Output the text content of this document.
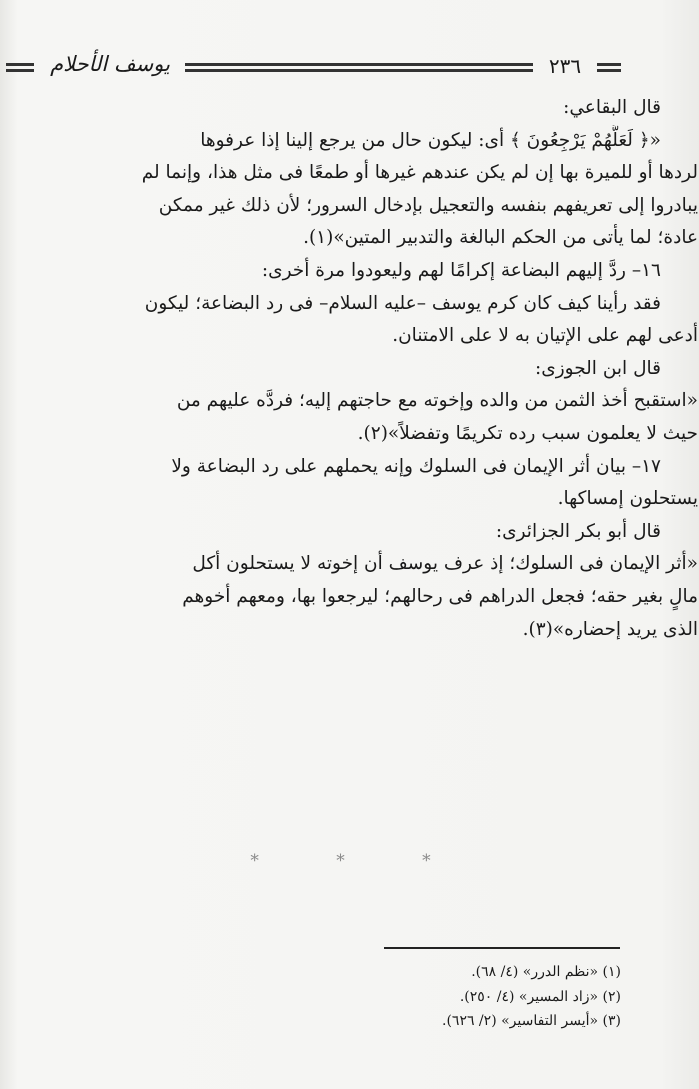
٢٣٦
يوسف الأحلام
قال البقاعي:
«﴿ لَعَلَّهُمْ يَرْجِعُونَ ﴾ أى: ليكون حال من يرجع إلينا إذا عرفوها
لردها أو للميرة بها إن لم يكن عندهم غيرها أو طمعًا فى مثل هذا، وإنما لم
يبادروا إلى تعريفهم بنفسه والتعجيل بإدخال السرور؛ لأن ذلك غير ممكن
عادة؛ لما يأتى من الحكم البالغة والتدبير المتين»(١).
١٦– ردَّ إليهم البضاعة إكرامًا لهم وليعودوا مرة أخرى:
فقد رأينا كيف كان كرم يوسف –عليه السلام– فى رد البضاعة؛ ليكون
أدعى لهم على الإتيان به لا على الامتنان.
قال ابن الجوزى:
«استقبح أخذ الثمن من والده وإخوته مع حاجتهم إليه؛ فردَّه عليهم من
حيث لا يعلمون سبب رده تكريمًا وتفضلاً»(٢).
١٧– بيان أثر الإيمان فى السلوك وإنه يحملهم على رد البضاعة ولا
يستحلون إمساكها.
قال أبو بكر الجزائرى:
«أثر الإيمان فى السلوك؛ إذ عرف يوسف أن إخوته لا يستحلون أكل
مالٍ بغير حقه؛ فجعل الدراهم فى رحالهم؛ ليرجعوا بها، ومعهم أخوهم
الذى يريد إحضاره»(٣).
*	*	*
(١) «نظم الدرر» (٤/ ٦٨).
(٢) «زاد المسير» (٤/ ٢٥٠).
(٣) «أيسر التفاسير» (٢/ ٦٢٦).
